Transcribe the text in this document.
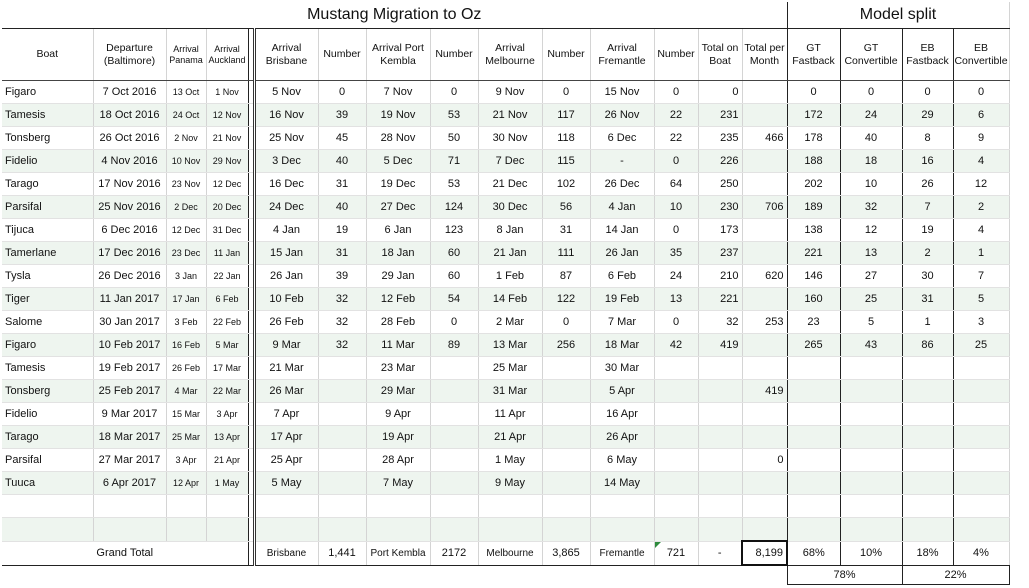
Mustang Migration to Oz															Model split			
Boat	Departure (Baltimore)	Arrival Panama	Arrival Auckland		Arrival Brisbane	Number	Arrival Port Kembla	Number	Arrival Melbourne	Number	Arrival Fremantle	Number	Total on Boat	Total per Month	GT Fastback	GT Convertible	EB Fastback	EB Convertible
Figaro	7 Oct 2016	13 Oct	1 Nov		5 Nov	0	7 Nov	0	9 Nov	0	15 Nov	0	0		0	0	0	0
Tamesis	18 Oct 2016	24 Oct	12 Nov		16 Nov	39	19 Nov	53	21 Nov	117	26 Nov	22	231		172	24	29	6
Tonsberg	26 Oct 2016	2 Nov	21 Nov		25 Nov	45	28 Nov	50	30 Nov	118	6 Dec	22	235	466	178	40	8	9
Fidelio	4 Nov 2016	10 Nov	29 Nov		3 Dec	40	5 Dec	71	7 Dec	115	-	0	226		188	18	16	4
Tarago	17 Nov 2016	23 Nov	12 Dec		16 Dec	31	19 Dec	53	21 Dec	102	26 Dec	64	250		202	10	26	12
Parsifal	25 Nov 2016	2 Dec	20 Dec		24 Dec	40	27 Dec	124	30 Dec	56	4 Jan	10	230	706	189	32	7	2
Tijuca	6 Dec 2016	12 Dec	31 Dec		4 Jan	19	6 Jan	123	8 Jan	31	14 Jan	0	173		138	12	19	4
Tamerlane	17 Dec 2016	23 Dec	11 Jan		15 Jan	31	18 Jan	60	21 Jan	111	26 Jan	35	237		221	13	2	1
Tysla	26 Dec 2016	3 Jan	22 Jan		26 Jan	39	29 Jan	60	1 Feb	87	6 Feb	24	210	620	146	27	30	7
Tiger	11 Jan 2017	17 Jan	6 Feb		10 Feb	32	12 Feb	54	14 Feb	122	19 Feb	13	221		160	25	31	5
Salome	30 Jan 2017	3 Feb	22 Feb		26 Feb	32	28 Feb	0	2 Mar	0	7 Mar	0	32	253	23	5	1	3
Figaro	10 Feb 2017	16 Feb	5 Mar		9 Mar	32	11 Mar	89	13 Mar	256	18 Mar	42	419		265	43	86	25
Tamesis	19 Feb 2017	26 Feb	17 Mar		21 Mar		23 Mar		25 Mar		30 Mar							
Tonsberg	25 Feb 2017	4 Mar	22 Mar		26 Mar		29 Mar		31 Mar		5 Apr			419				
Fidelio	9 Mar 2017	15 Mar	3 Apr		7 Apr		9 Apr		11 Apr		16 Apr							
Tarago	18 Mar 2017	25 Mar	13 Apr		17 Apr		19 Apr		21 Apr		26 Apr							
Parsifal	27 Mar 2017	3 Apr	21 Apr		25 Apr		28 Apr		1 May		6 May			0				
Tuuca	6 Apr 2017	12 Apr	1 May		5 May		7 May		9 May		14 May							

Grand Total					Brisbane	1,441	Port Kembla	2172	Melbourne	3,865	Fremantle	721	-	8,199	68%	10%	18%	4%
															78%		22%	
